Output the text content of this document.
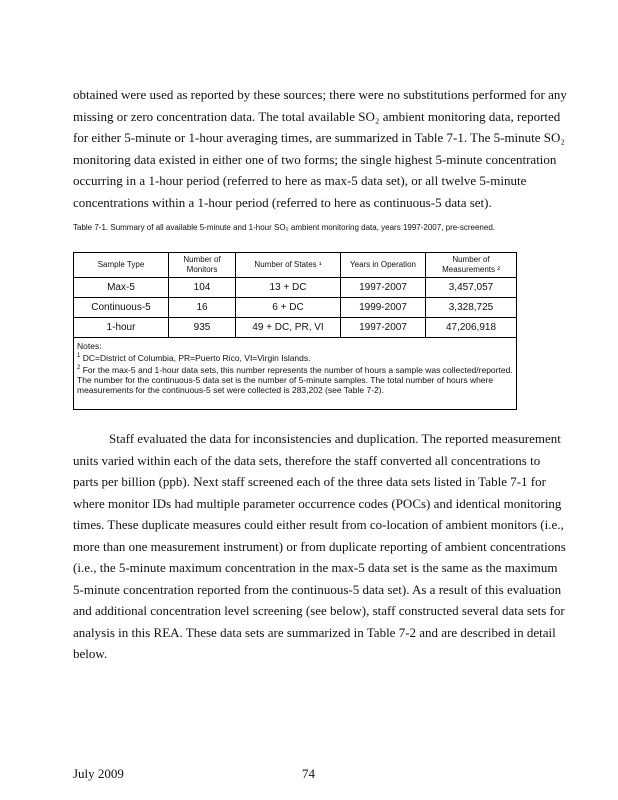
obtained were used as reported by these sources; there were no substitutions performed for any missing or zero concentration data. The total available SO₂ ambient monitoring data, reported for either 5-minute or 1-hour averaging times, are summarized in Table 7-1. The 5-minute SO₂ monitoring data existed in either one of two forms; the single highest 5-minute concentration occurring in a 1-hour period (referred to here as max-5 data set), or all twelve 5-minute concentrations within a 1-hour period (referred to here as continuous-5 data set).

Table 7-1. Summary of all available 5-minute and 1-hour SO₂ ambient monitoring data, years 1997-2007, pre-screened.
Sample Type	Number of Monitors	Number of States ¹	Years in Operation	Number of Measurements ²
Max-5	104	13 + DC	1997-2007	3,457,057
Continuous-5	16	6 + DC	1999-2007	3,328,725
1-hour	935	49 + DC, PR, VI	1997-2007	47,206,918
Notes:
$^1$ DC=District of Columbia, PR=Puerto Rico, VI=Virgin Islands.
$^2$ For the max-5 and 1-hour data sets, this number represents the number of hours a sample was collected/reported. The number for the continuous-5 data set is the number of 5-minute samples. The total number of hours where measurements for the continuous-5 set were collected is 283,202 (see Table 7-2).

Staff evaluated the data for inconsistencies and duplication. The reported measurement units varied within each of the data sets, therefore the staff converted all concentrations to parts per billion (ppb). Next staff screened each of the three data sets listed in Table 7-1 for where monitor IDs had multiple parameter occurrence codes (POCs) and identical monitoring times. These duplicate measures could either result from co-location of ambient monitors (i.e., more than one measurement instrument) or from duplicate reporting of ambient concentrations (i.e., the 5-minute maximum concentration in the max-5 data set is the same as the maximum 5-minute concentration reported from the continuous-5 data set). As a result of this evaluation and additional concentration level screening (see below), staff constructed several data sets for analysis in this REA. These data sets are summarized in Table 7-2 and are described in detail below.

July 2009	74
